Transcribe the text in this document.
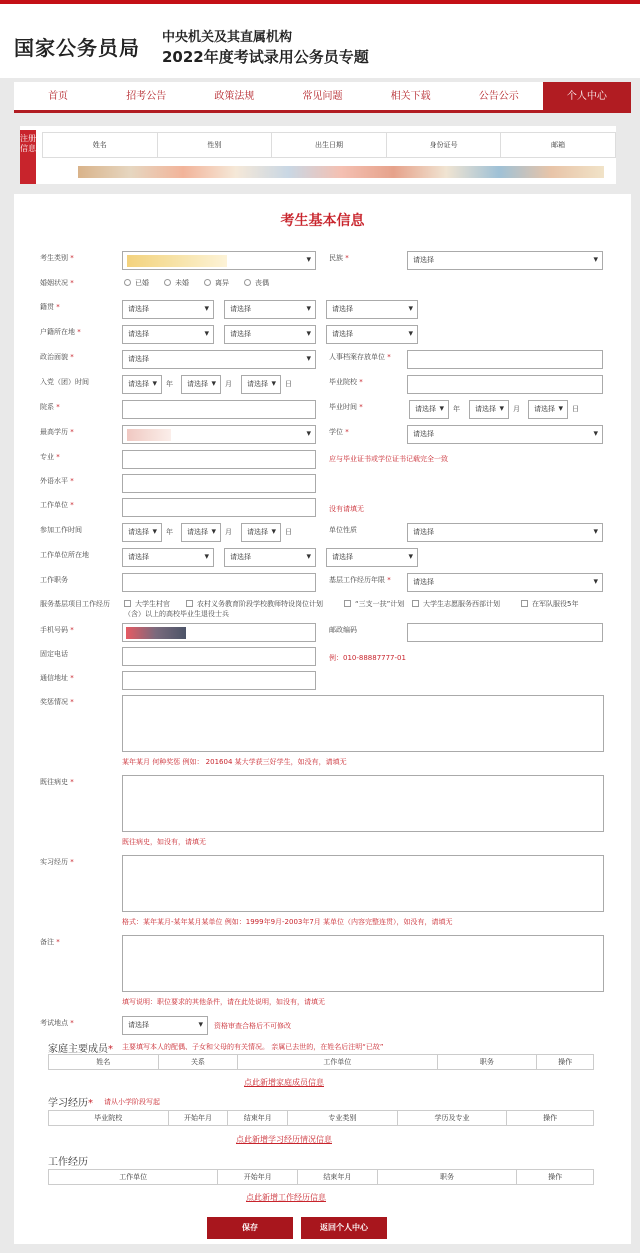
国家公务员局 中央机关及其直属机构
2022年度考试录用公务员专题
首页	招考公告	政策法规	常见问题	相关下载	公告公示	个人中心
注册信息	姓名	性别	出生日期	身份证号	邮箱
考生基本信息
考生类别 * ▾	民族 *	请选择 ▾
婚姻状况 *	已婚	未婚	离异	丧偶
籍贯 *	请选择 ▾	请选择 ▾	请选择 ▾
户籍所在地 *	请选择 ▾	请选择 ▾	请选择 ▾
政治面貌 *	请选择 ▾	人事档案存放单位 *
入党（团）时间	请选择 ▾	年	请选择 ▾	月	请选择 ▾	日	毕业院校 *
院系 *	毕业时间 *	请选择 ▾	年	请选择 ▾	月	请选择 ▾	日
最高学历 * ▾	学位 *	请选择 ▾
专业 *	应与毕业证书或学位证书记载完全一致
外语水平 *
工作单位 *	没有请填无
参加工作时间	请选择 ▾	年	请选择 ▾	月	请选择 ▾	日	单位性质	请选择 ▾
工作单位所在地	请选择 ▾	请选择 ▾	请选择 ▾
工作职务	基层工作经历年限 *	请选择 ▾
服务基层项目工作经历	大学生村官	农村义务教育阶段学校教师特设岗位计划	“三支一扶”计划	大学生志愿服务西部计划	在军队服役5年
（含）以上的高校毕业生退役士兵
手机号码 *	邮政编码
固定电话	例：010-88887777-01
通信地址 *
奖惩情况 *
某年某月 何种奖惩 例如： 201604 某大学获三好学生，如没有，请填无
既往病史 *
既往病史，如没有，请填无
实习经历 *
格式：某年某月-某年某月某单位 例如：1999年9月-2003年7月 某单位（内容完整连贯），如没有，请填无
备注 *
填写说明：职位要求的其他条件，请在此处说明，如没有，请填无
考试地点 *	请选择 ▾	资格审查合格后不可修改
家庭主要成员* 主要填写本人的配偶、子女和父母的有关情况。 亲属已去世的，在姓名后注明“已故”
姓名	关系	工作单位	职务	操作
点此新增家庭成员信息
学习经历* 请从小学阶段写起
毕业院校	开始年月	结束年月	专业类别	学历及专业	操作
点此新增学习经历情况信息
工作经历
工作单位	开始年月	结束年月	职务	操作
点此新增工作经历信息
保存	返回个人中心
